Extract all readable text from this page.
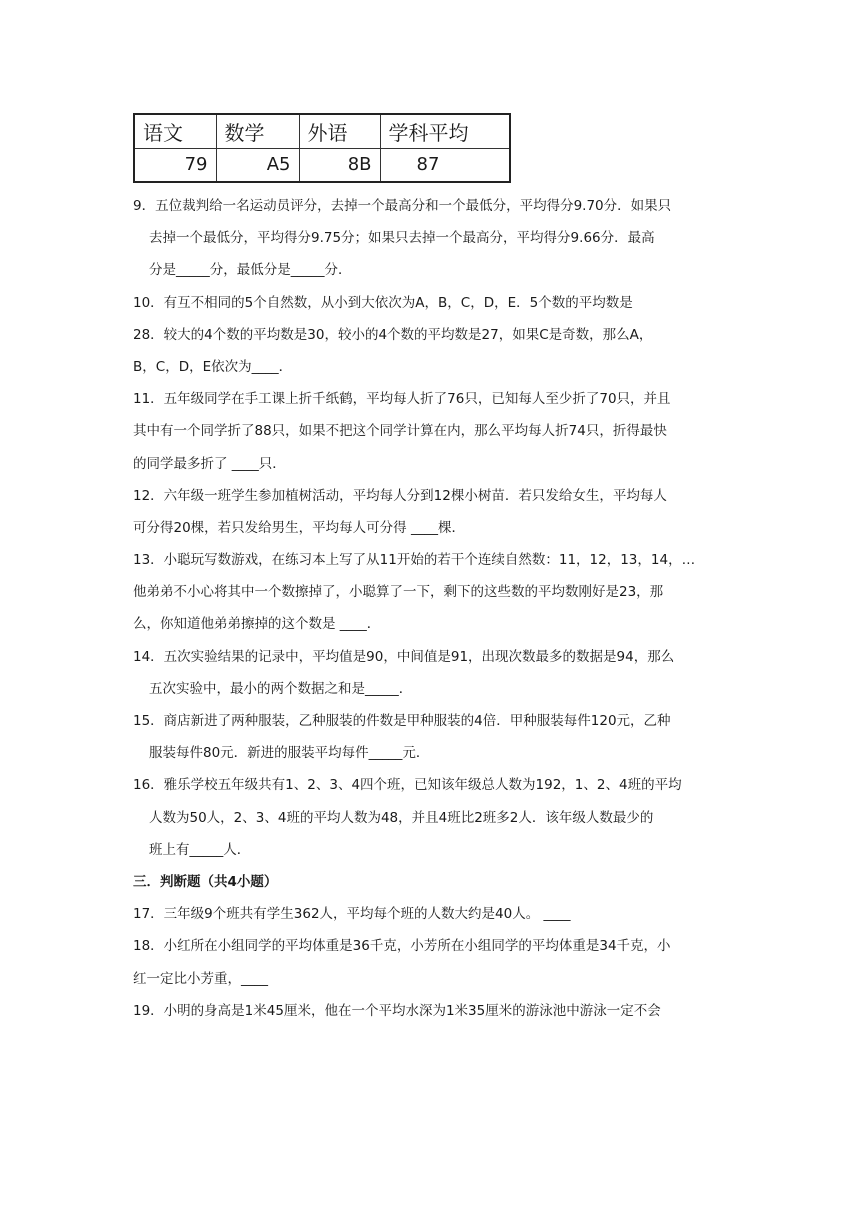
语文	数学	外语	学科平均
79	A5	8B	87
9．五位裁判给一名运动员评分，去掉一个最高分和一个最低分，平均得分9.70分．如果只
去掉一个最低分，平均得分9.75分；如果只去掉一个最高分，平均得分9.66分．最高
分是_____分，最低分是_____分．
10．有互不相同的5个自然数，从小到大依次为A，B，C，D，E．5个数的平均数是
28．较大的4个数的平均数是30，较小的4个数的平均数是27，如果C是奇数，那么A，
B，C，D，E依次为____．
11．五年级同学在手工课上折千纸鹤，平均每人折了76只，已知每人至少折了70只，并且
其中有一个同学折了88只，如果不把这个同学计算在内，那么平均每人折74只，折得最快
的同学最多折了 ____只．
12．六年级一班学生参加植树活动，平均每人分到12棵小树苗．若只发给女生，平均每人
可分得20棵，若只发给男生，平均每人可分得 ____棵．
13．小聪玩写数游戏，在练习本上写了从11开始的若干个连续自然数：11，12，13，14，…
他弟弟不小心将其中一个数擦掉了，小聪算了一下，剩下的这些数的平均数刚好是23，那
么，你知道他弟弟擦掉的这个数是 ____．
14．五次实验结果的记录中，平均值是90，中间值是91，出现次数最多的数据是94，那么
五次实验中，最小的两个数据之和是_____．
15．商店新进了两种服装，乙种服装的件数是甲种服装的4倍．甲种服装每件120元，乙种
服装每件80元．新进的服装平均每件_____元．
16．雅乐学校五年级共有1、2、3、4四个班，已知该年级总人数为192，1、2、4班的平均
人数为50人，2、3、4班的平均人数为48，并且4班比2班多2人．该年级人数最少的
班上有_____人．
三．判断题（共4小题）
17．三年级9个班共有学生362人，平均每个班的人数大约是40人。 ____
18．小红所在小组同学的平均体重是36千克，小芳所在小组同学的平均体重是34千克，小
红一定比小芳重，____
19．小明的身高是1米45厘米，他在一个平均水深为1米35厘米的游泳池中游泳一定不会
